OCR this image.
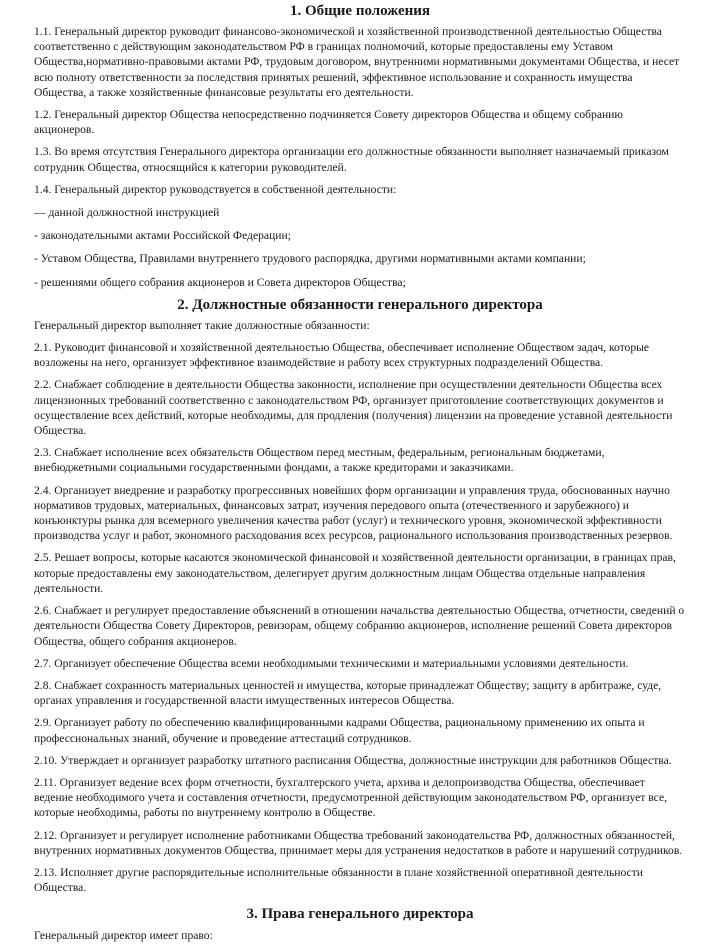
1. Общие положения

1.1. Генеральный директор руководит финансово-экономической и хозяйственной производственной деятельностью Общества соответственно с действующим законодательством РФ в границах полномочий, которые предоставлены ему Уставом Общества,нормативно-правовыми актами РФ, трудовым договором, внутренними нормативными документами Общества, и несет всю полноту ответственности за последствия принятых решений, эффективное использование и сохранность имущества Общества, а также хозяйственные финансовые результаты его деятельности.

1.2. Генеральный директор Общества непосредственно подчиняется Совету директоров Общества и общему собранию акционеров.

1.3. Во время отсутствия Генерального директора организации его должностные обязанности выполняет назначаемый приказом сотрудник Общества, относящийся к категории руководителей.

1.4. Генеральный директор руководствуется в собственной деятельности:

— данной должностной инструкцией

- законодательными актами Российской Федерации;

- Уставом Общества, Правилами внутреннего трудового распорядка, другими нормативными актами компании;

- решениями общего собрания акционеров и Совета директоров Общества;

2. Должностные обязанности генерального директора

Генеральный директор выполняет такие должностные обязанности:

2.1. Руководит финансовой и хозяйственной деятельностью Общества, обеспечивает исполнение Обществом задач, которые возложены на него, организует эффективное взаимодействие и работу всех структурных подразделений Общества.

2.2. Снабжает соблюдение в деятельности Общества законности, исполнение при осуществлении деятельности Общества всех лицензионных требований соответственно с законодательством РФ, организует приготовление соответствующих документов и осуществление всех действий, которые необходимы, для продления (получения) лицензии на проведение уставной деятельности Общества.

2.3. Снабжает исполнение всех обязательств Обществом перед местным, федеральным, региональным бюджетами, внебюджетными социальными государственными фондами, а также кредиторами и заказчиками.

2.4. Организует внедрение и разработку прогрессивных новейших форм организации и управления труда, обоснованных научно нормативов трудовых, материальных, финансовых затрат, изучения передового опыта (отечественного и зарубежного) и конъюнктуры рынка для всемерного увеличения качества работ (услуг) и технического уровня, экономической эффективности производства услуг и работ, экономного расходования всех ресурсов, рационального использования производственных резервов.

2.5. Решает вопросы, которые касаются экономической финансовой и хозяйственной деятельности организации, в границах прав, которые предоставлены ему законодательством, делегирует другим должностным лицам Общества отдельные направления деятельности.

2.6. Снабжает и регулирует предоставление объяснений в отношении начальства деятельностью Общества, отчетности, сведений о деятельности Общества Совету Директоров, ревизорам, общему собранию акционеров, исполнение решений Совета директоров Общества, общего собрания акционеров.

2.7. Организует обеспечение Общества всеми необходимыми техническими и материальными условиями деятельности.

2.8. Снабжает сохранность материальных ценностей и имущества, которые принадлежат Обществу; защиту в арбитраже, суде, органах управления и государственной власти имущественных интересов Общества.

2.9. Организует работу по обеспечению квалифицированными кадрами Общества, рациональному применению их опыта и профессиональных знаний, обучение и проведение аттестаций сотрудников.

2.10. Утверждает и организует разработку штатного расписания Общества, должностные инструкции для работников Общества.

2.11. Организует ведение всех форм отчетности, бухгалтерского учета, архива и делопроизводства Общества, обеспечивает ведение необходимого учета и составления отчетности, предусмотренной действующим законодательством РФ, организует все, которые необходимы, работы по внутреннему контролю в Обществе.

2.12. Организует и регулирует исполнение работниками Общества требований законодательства РФ, должностных обязанностей, внутренних нормативных документов Общества, принимает меры для устранения недостатков в работе и нарушений сотрудников.

2.13. Исполняет другие распорядительные исполнительные обязанности в плане хозяйственной оперативной деятельности Общества.

3. Права генерального директора

Генеральный директор имеет право:
